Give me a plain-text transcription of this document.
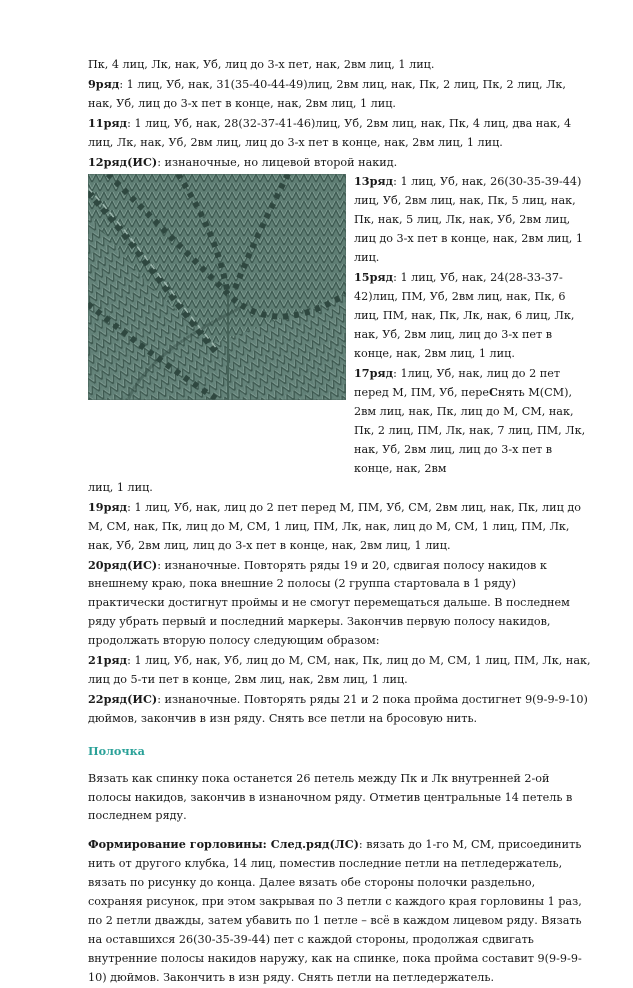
Пк, 4 лиц, Лк, нак, Уб, лиц до 3-х пет, нак, 2вм лиц, 1 лиц.

9ряд: 1 лиц, Уб, нак, 31(35-40-44-49)лиц, 2вм лиц, нак, Пк, 2 лиц, Пк, 2 лиц, Лк, нак, Уб, лиц до 3-х пет в конце, нак, 2вм лиц, 1 лиц.

11ряд: 1 лиц, Уб, нак, 28(32-37-41-46)лиц, Уб, 2вм лиц, нак, Пк, 4 лиц, два нак, 4 лиц, Лк, нак, Уб, 2вм лиц, лиц до 3-х пет в конце, нак, 2вм лиц, 1 лиц.

12ряд(ИС): изнаночные, но лицевой второй накид.

13ряд: 1 лиц, Уб, нак, 26(30-35-39-44) лиц, Уб, 2вм лиц, нак, Пк, 5 лиц, нак, Пк, нак, 5 лиц, Лк, нак, Уб, 2вм лиц, лиц до 3-х пет в конце, нак, 2вм лиц, 1 лиц.

15ряд: 1 лиц, Уб, нак, 24(28-33-37-42)лиц, ПМ, Уб, 2вм лиц, нак, Пк, 6 лиц, ПМ, нак, Пк, Лк, нак, 6 лиц, Лк, нак, Уб, 2вм лиц, лиц до 3-х пет в конце, нак, 2вм лиц, 1 лиц.

17ряд: 1лиц, Уб, нак, лиц до 2 пет перед М, ПМ, Уб, переСнять М(СМ), 2вм лиц, нак, Пк, лиц до М, СМ, нак, Пк, 2 лиц, ПМ, Лк, нак, 7 лиц, ПМ, Лк, нак, Уб, 2вм лиц, лиц до 3-х пет в конце, нак, 2вм

лиц, 1 лиц.

19ряд: 1 лиц, Уб, нак, лиц до 2 пет перед М, ПМ, Уб, СМ, 2вм лиц, нак, Пк, лиц до М, СМ, нак, Пк, лиц до М, СМ, 1 лиц, ПМ, Лк, нак, лиц до М, СМ, 1 лиц, ПМ, Лк, нак, Уб, 2вм лиц, лиц до 3-х пет в конце, нак, 2вм лиц, 1 лиц.

20ряд(ИС): изнаночные. Повторять ряды 19 и 20, сдвигая полосу накидов к внешнему краю, пока внешние 2 полосы (2 группа стартовала в 1 ряду) практически достигнут проймы и не смогут перемещаться дальше. В последнем ряду убрать первый и последний маркеры. Закончив первую полосу накидов, продолжать вторую полосу следующим образом:

21ряд: 1 лиц, Уб, нак, Уб, лиц до М, СМ, нак, Пк, лиц до М, СМ, 1 лиц, ПМ, Лк, нак, лиц до 5-ти пет в конце, 2вм лиц, нак, 2вм лиц, 1 лиц.

22ряд(ИС): изнаночные. Повторять ряды 21 и 2 пока пройма достигнет 9(9-9-9-10) дюймов, закончив в изн ряду. Снять все петли на бросовую нить.

Полочка

Вязать как спинку пока останется 26 петель между Пк и Лк внутренней 2-ой полосы накидов, закончив в изнаночном ряду. Отметив центральные 14 петель в последнем ряду.

Формирование горловины: След.ряд(ЛС): вязать до 1-го М, СМ, присоединить нить от другого клубка, 14 лиц, поместив последние петли на петледержатель, вязать по рисунку до конца. Далее вязать обе стороны полочки раздельно, сохраняя рисунок, при этом закрывая по 3 петли с каждого края горловины 1 раз, по 2 петли дважды, затем убавить по 1 петле – всё в каждом лицевом ряду. Вязать на оставшихся 26(30-35-39-44) пет с каждой стороны, продолжая сдвигать внутренние полосы накидов наружу, как на спинке, пока пройма составит 9(9-9-9-10) дюймов. Закончить в изн ряду. Снять петли на петледержатель.
